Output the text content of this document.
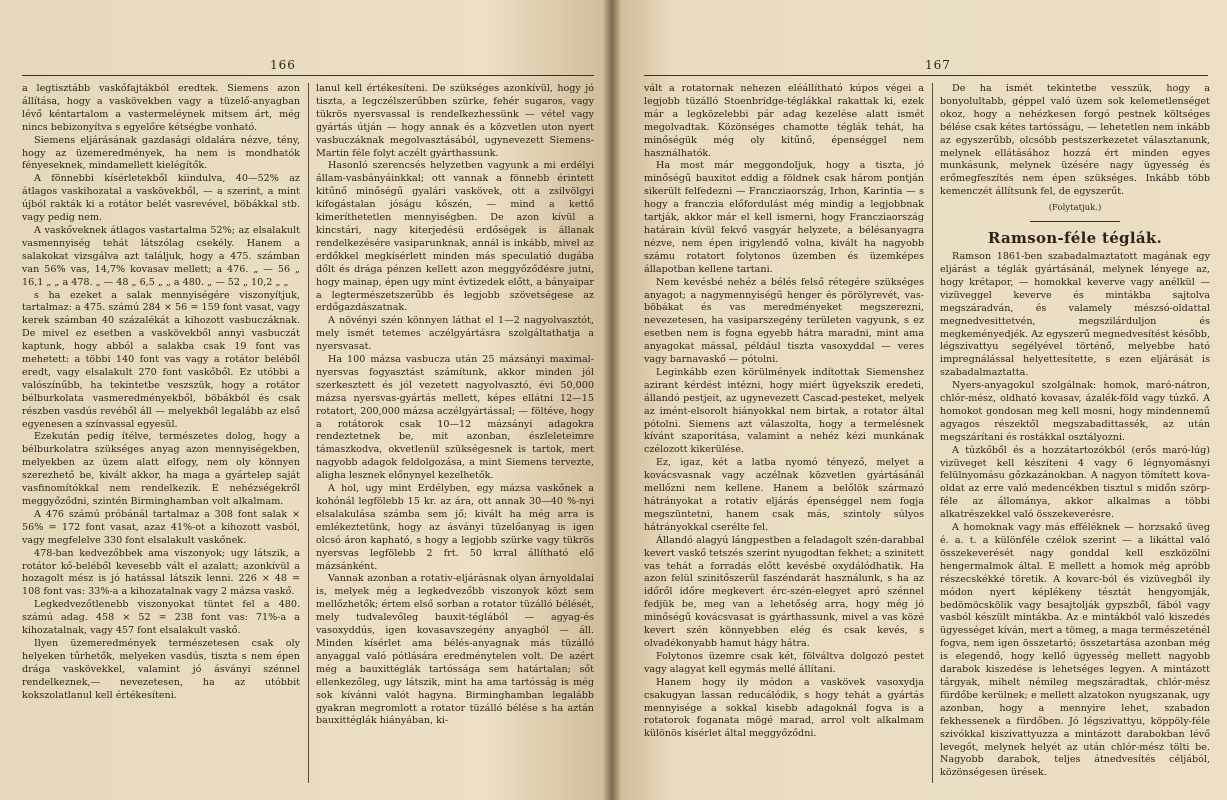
166

a legtisztább vaskőfajtákból eredtek. Siemens azon állítása, hogy a vaskövekben vagy a tüzelő-anyagban lévő kéntartalom a vastermeléynek mitsem árt, még nincs bebizonyítva s egyelőre kétségbe vonható.

Siemens eljárásának gazdasági oldalára nézve, tény, hogy az üzemeredmények, ha nem is mondhatók fényeseknek, mindamellett kielégítők.

A fönnebbi kísérletekből kiindulva, 40—52% az átlagos vaskihozatal a vaskövekből, — a szerint, a mint újból rakták ki a rotátor belét vasrevével, böbákkal stb. vagy pedig nem.

A vaskőveknek átlagos vastartalma 52%; az elsalakult vasmennyiség tehát látszólag csekély. Hanem a salakokat vizsgálva azt találjuk, hogy a 475. számban van 56% vas, 14,7% kovasav mellett; a 476. „ — 56 „ 16,1 „ „ a 478. „ — 48 „ 6,5 „ „ a 480. „ — 52 „ 10,2 „ „

s ha ezeket a salak mennyiségére viszonyítjuk, tartalmaz: a 475. számú 284 × 56 = 159 font vasat, vagy kerek számban 40 százalékát a kihozott vasbuczáknak. De mivel ez esetben a vaskövekből annyi vasbuczát kaptunk, hogy abból a salakba csak 19 font vas mehetett: a többi 140 font vas vagy a rotátor beléből eredt, vagy elsalakult 270 font vaskőből. Ez utóbbi a valószínűbb, ha tekintetbe veszszük, hogy a rotátor bélburkolata vasmeredményekből, böbákból és csak részben vasdús revéből áll — melyekből legalább az első egyenesen a színvassal egyesül.

Ezekután pedig ítélve, természetes dolog, hogy a bélburkolatra szükséges anyag azon mennyiségekben, melyekben az üzem alatt elfogy, nem oly könnyen szerezhető be, kivált akkor, ha maga a gyártelep saját vasfinomítókkal nem rendelkezik. E nehézségekről meggyőződni, szintén Birminghamban volt alkalmam.

A 476 számú próbánál tartalmaz a 308 font salak × 56% = 172 font vasat, azaz 41%-ot a kihozott vasból, vagy megfelelve 330 font elsalakult vaskőnek.

478-ban kedvezőbbek ama viszonyok; ugy látszik, a rotátor kő-beléből kevesebb vált el azalatt; azonkívül a hozagolt mész is jó hatással látszik lenni. 226 × 48 = 108 font vas: 33%-a a kihozatalnak vagy 2 mázsa vaskő.

Legkedvezőtlenebb viszonyokat tüntet fel a 480. számú adag. 458 × 52 = 238 font vas: 71%-a a kihozatalnak, vagy 457 font elsalakult vaskő.

Ilyen üzemeredmények természetesen csak oly helyeken tűrhetők, melyeken vasdús, tiszta s nem épen drága vaskövekkel, valamint jó ásványi szénnel rendelkeznek,— nevezetesen, ha az utóbbit kokszolatlanul kell értékesíteni.

lanul kell értékesíteni. De szükséges azonkívül, hogy jó tiszta, a legczélszerűbben szürke, fehér sugaros, vagy tükrös nyersvassal is rendelkezhessünk — vétel vagy gyártás útján — hogy annak és a közvetlen uton nyert vasbuczáknak megolvasztásából, ugynevezett Siemens-Martin féle folyt aczélt gyárthassunk.

Hasonló szerencsés helyzetben vagyunk a mi erdélyi állam-vasbányáinkkal; ott vannak a fönnebb érintett kitűnő minőségű gyalári vaskövek, ott a zsilvölgyi kifogástalan jóságu kőszén, — mind a kettő kimeríthetetlen mennyiségben. De azon kívül a kincstári, nagy kiterjedésü erdőségek is állanak rendelkezésére vasiparunknak, annál is inkább, mivel az erdőkkel megkísérlett minden más speculatió dugába dőlt és drága pénzen kellett azon meggyőződésre jutni, hogy mainap, épen ugy mint évtizedek előtt, a bányaipar a legtermészetszerűbb és legjobb szövetségese az erdőgazdászatnak.

A növényi szén könnyen láthat el 1—2 nagyolvasztót, mely ismét tetemes aczélgyártásra szolgáltathatja a nyersvasat.

Ha 100 mázsa vasbucza után 25 mázsányi maximal-nyersvas fogyasztást számítunk, akkor minden jól szerkesztett és jól vezetett nagyolvasztó, évi 50,000 mázsa nyersvas-gyártás mellett, képes ellátni 12—15 rotatort, 200,000 mázsa aczélgyártással; — föltéve, hogy a rotátorok csak 10—12 mázsányi adagokra rendeztetnek be, mit azonban, észleleteimre támaszkodva, okvetlenül szükségesnek is tartok, mert nagyobb adagok feldolgozása, a mint Siemens tervezte, aligha lesznek előnynyel kezelhetők.

A hol, ugy mint Erdélyben, egy mázsa vaskőnek a kohónál legfölebb 15 kr. az ára, ott annak 30—40 %-nyi elsalakulása számba sem jő; kivált ha még arra is emlékeztetünk, hogy az ásványi tüzelőanyag is igen olcsó áron kapható, s hogy a legjobb szürke vagy tükrös nyersvas legfölebb 2 frt. 50 krral állítható elő mázsánként.

Vannak azonban a rotativ-eljárásnak olyan árnyoldalai is, melyek még a legkedvezőbb viszonyok közt sem mellőzhetők; értem első sorban a rotator tüzálló bélését, mely tudvalevőleg bauxit-téglából — agyag-és vasoxyddús, igen kovasavszegény anyagból — áll. Minden kísérlet ama bélés-anyagnak más tüzálló anyaggal való pótlására eredménytelen volt. De azért még a bauxittéglák tartóssága sem határtalan; sőt ellenkezőleg, ugy látszik, mint ha ama tartósság is még sok kívánni valót hagyna. Birminghamban legalább gyakran megromlott a rotator tüzálló bélése s ha aztán bauxittéglák hiányában, ki-

167

vált a rotatornak nehezen eléállítható kúpos végei a legjobb tüzálló Stoenbridge-téglákkal rakattak ki, ezek már a legközelebbi pár adag kezelése alatt ismét megolvadtak. Közönséges chamotte téglák tehát, ha minőségük még oly kitűnő, épenséggel nem használhatók.

Ha most már meggondoljuk, hogy a tiszta, jó minőségű bauxitot eddig a földnek csak három pontján sikerült felfedezni — Francziaország, Irhon, Karintia — s hogy a franczia előfordulást még mindig a legjobbnak tartják, akkor már el kell ismerni, hogy Francziaország határain kívül fekvő vasgyár helyzete, a bélésanyagra nézve, nem épen irigylendő volna, kivált ha nagyobb számu rotatort folytonos üzemben és üzemképes állapotban kellene tartani.

Nem kevésbé nehéz a bélés felső rétegére szükséges anyagot; a nagymennyiségű henger és pörölyrevét, vas-böbákat és vas meredményeket megszerezni, nevezetesen, ha vasiparszegény területen vagyunk, s ez esetben nem is fogna egyebb hátra maradni, mint ama anyagokat mással, például tiszta vasoxyddal — veres vagy barnavaskő — pótolni.

Leginkább ezen körülmények indítottak Siemenshez azirant kérdést intézni, hogy miért ügyekszik eredeti, állandó pestjeit, az ugynevezett Cascad-pesteket, melyek az imént-elsorolt hiányokkal nem birtak, a rotator által pótolni. Siemens azt válaszolta, hogy a termelésnek kívánt szaporítása, valamint a nehéz kézi munkának czélozott kikerülése.

Ez, igaz, két a latba nyomó tényező, melyet a kovácsvasnak vagy aczélnak közvetlen gyártásánál mellőzni nem kellene. Hanem a belőlök származó hátrányokat a rotativ eljárás épenséggel nem fogja megszüntetni, hanem csak más, szintoly súlyos hátrányokkal cserélte fel.

Állandó alagyú lángpestben a feladagolt szén-darabbal kevert vaskő tetszés szerint nyugodtan fekhet; a szinitett vas tehát a forradás előtt kevésbé oxydálódhatik. Ha azon felül szinitőszerül faszéndarát használunk, s ha az időről időre megkevert érc-szén-elegyet apró szénnel fedjük be, meg van a lehetőség arra, hogy még jó minőségű kovácsvasat is gyárthassunk, mivel a vas közé kevert szén könnyebben elég és csak kevés, s olvadékonyabb hamut hágy hátra.

Folytonos üzemre csak két, fölváltva dolgozó pestet vagy alagyat kell egymás mellé állítani.

Hanem hogy ily módon a vaskövek vasoxydja csakugyan lassan reducálódik, s hogy tehát a gyártás mennyisége a sokkal kisebb adagoknál fogva is a rotatorok foganata mögé marad, arrol volt alkalmam különös kísérlet által meggyőződni.

De ha ismét tekintetbe vesszük, hogy a bonyolultabb, géppel való üzem sok kelemetlenséget okoz, hogy a nehézkesen forgó pestnek költséges bélése csak kétes tartósságu, — lehetetlen nem inkább az egyszerűbb, olcsóbb pestszerkezetet választanunk, melynek ellátásához hozzá ért minden egyes munkásunk, melynek üzésére nagy ügyesség és erőmegfeszítés nem épen szükséges. Inkább több kemenczét állítsunk fel, de egyszerűt.

(Folytatjuk.)
Ramson-féle téglák.

Ramson 1861-ben szabadalmaztatott magának egy eljárást a téglák gyártásánál, melynek lényege az, hogy krétapor, — homokkal keverve vagy anélkül — vizüveggel keverve és mintákba sajtolva megszáradván, és valamely mészsó-oldattal megnedvesittetvén, megszilárduljon és megkeményedjék. Az egyszerű megnedvesítést később, légszivattyu segélyével történő, melyebbe ható impregnálással helyettesítette, s ezen eljárását is szabadalmaztatta.

Nyers-anyagokul szolgálnak: homok, maró-nátron, chlór-mész, oldható kovasav, ázalék-föld vagy túzkő. A homokot gondosan meg kell mosni, hogy mindennemű agyagos részektől megszabadittassék, az után megszárítani és rostákkal osztályozni.

A túzkőből és a hozzátartozókból (erős maró-lúg) vizüveget kell készíteni 4 vagy 6 légnyomásnyi felülnyomásu gőzkazánokban. A nagyon tömített kova-oldat az erre való medencékben tisztul s midőn szörp-féle az állománya, akkor alkalmas a többi alkatrészekkel való összekeverésre.

A homoknak vagy más efféléknek — horzsakő üveg é. a. t. a különféle czélok szerint — a likáttal való összekeverését nagy gonddal kell eszközölni hengermalmok által. E mellett a homok még apróbb részecskékké töretik. A kovarc-ból és vizüvegből ily módon nyert képlékeny tésztát hengyomják, bedömöcskölik vagy besajtolják gypszből, fából vagy vasból készült mintákba. Az e mintákból való kiszedés ügyességet kíván, mert a tömeg, a maga természeténél fogva, nem igen összetartó; összetartása azonban még is elegendő, hogy kellő ügyesség mellett nagyobb darabok kiszedése is lehetséges legyen. A mintázott tárgyak, mihelt némileg megszáradtak, chlór-mész fürdőbe kerülnek; e mellett alzatokon nyugszanak, ugy azonban, hogy a mennyire lehet, szabadon fekhessenek a fürdőben. Jó légszivattyu, köppöly-féle szivókkal kiszivattyuzza a mintázott darabokban lévő levegőt, melynek helyét az után chlór-mész tölti be. Nagyobb darabok, teljes átnedvesítés céljából, közönségesen ürések.
